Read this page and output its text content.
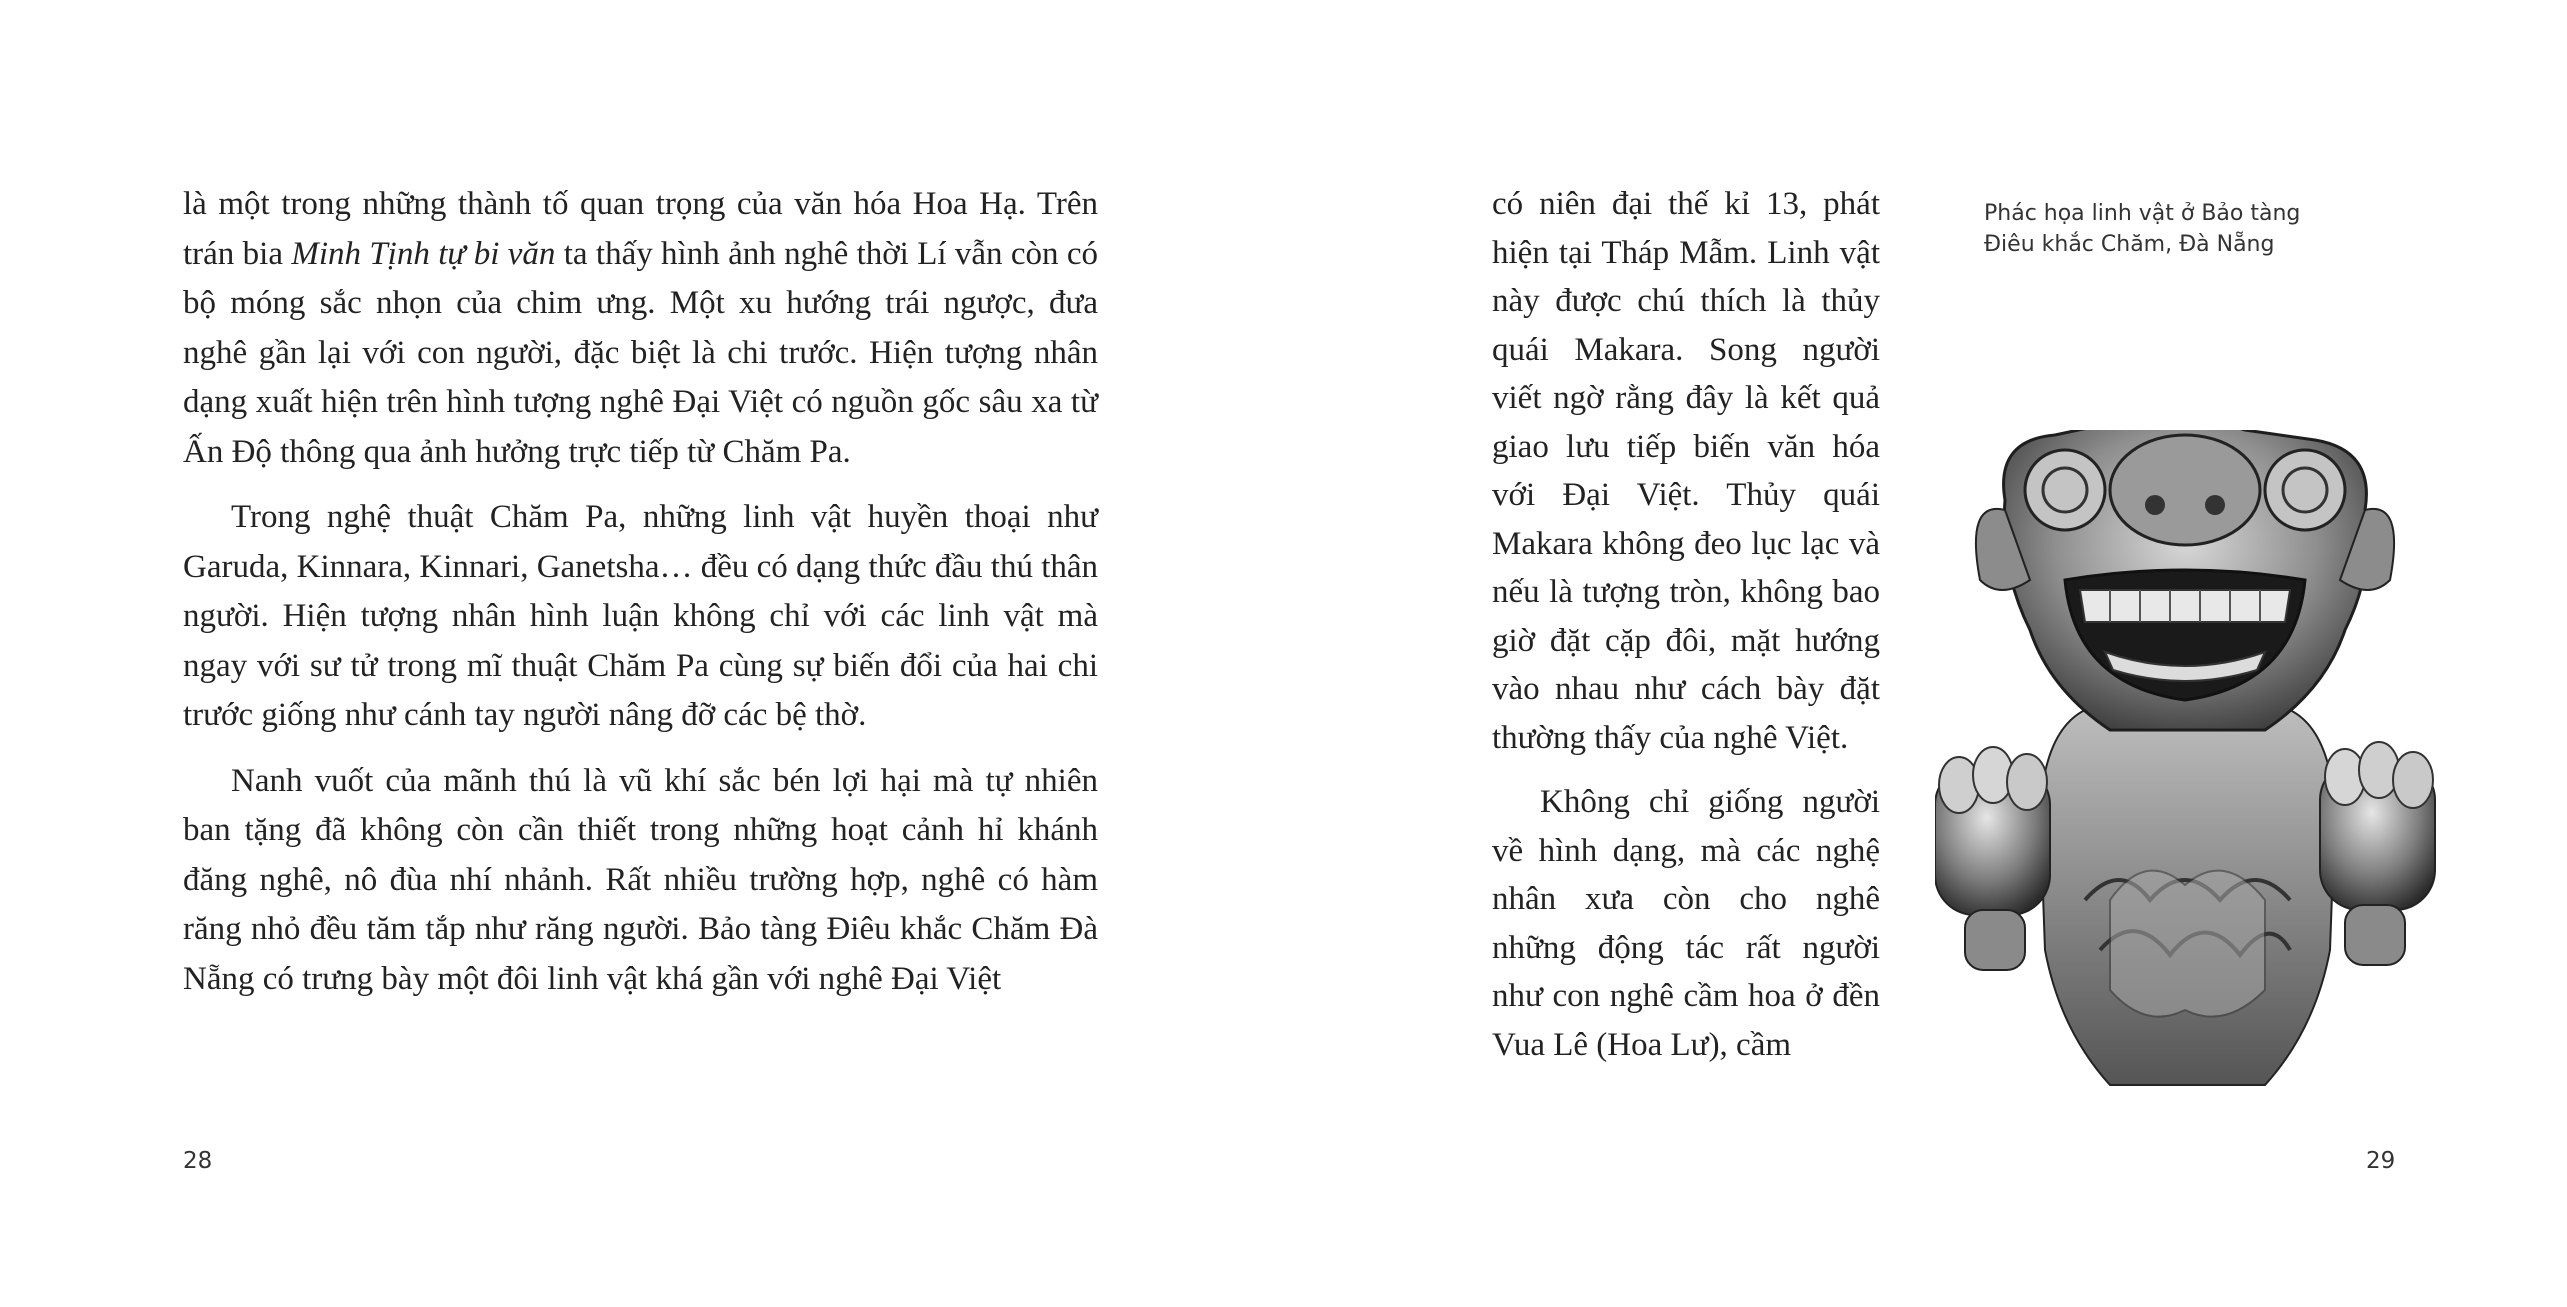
là một trong những thành tố quan trọng của văn hóa Hoa Hạ. Trên trán bia Minh Tịnh tự bi văn ta thấy hình ảnh nghê thời Lí vẫn còn có bộ móng sắc nhọn của chim ưng. Một xu hướng trái ngược, đưa nghê gần lại với con người, đặc biệt là chi trước. Hiện tượng nhân dạng xuất hiện trên hình tượng nghê Đại Việt có nguồn gốc sâu xa từ Ấn Độ thông qua ảnh hưởng trực tiếp từ Chăm Pa.

Trong nghệ thuật Chăm Pa, những linh vật huyền thoại như Garuda, Kinnara, Kinnari, Ganetsha… đều có dạng thức đầu thú thân người. Hiện tượng nhân hình luận không chỉ với các linh vật mà ngay với sư tử trong mĩ thuật Chăm Pa cùng sự biến đổi của hai chi trước giống như cánh tay người nâng đỡ các bệ thờ.

Nanh vuốt của mãnh thú là vũ khí sắc bén lợi hại mà tự nhiên ban tặng đã không còn cần thiết trong những hoạt cảnh hỉ khánh đăng nghê, nô đùa nhí nhảnh. Rất nhiều trường hợp, nghê có hàm răng nhỏ đều tăm tắp như răng người. Bảo tàng Điêu khắc Chăm Đà Nẵng có trưng bày một đôi linh vật khá gần với nghê Đại Việt

28

có niên đại thế kỉ 13, phát hiện tại Tháp Mẫm. Linh vật này được chú thích là thủy quái Makara. Song người viết ngờ rằng đây là kết quả giao lưu tiếp biến văn hóa với Đại Việt. Thủy quái Makara không đeo lục lạc và nếu là tượng tròn, không bao giờ đặt cặp đôi, mặt hướng vào nhau như cách bày đặt thường thấy của nghê Việt.

Không chỉ giống người về hình dạng, mà các nghệ nhân xưa còn cho nghê những động tác rất người như con nghê cầm hoa ở đền Vua Lê (Hoa Lư), cầm

Phác họa linh vật ở Bảo tàng Điêu khắc Chăm, Đà Nẵng
29
